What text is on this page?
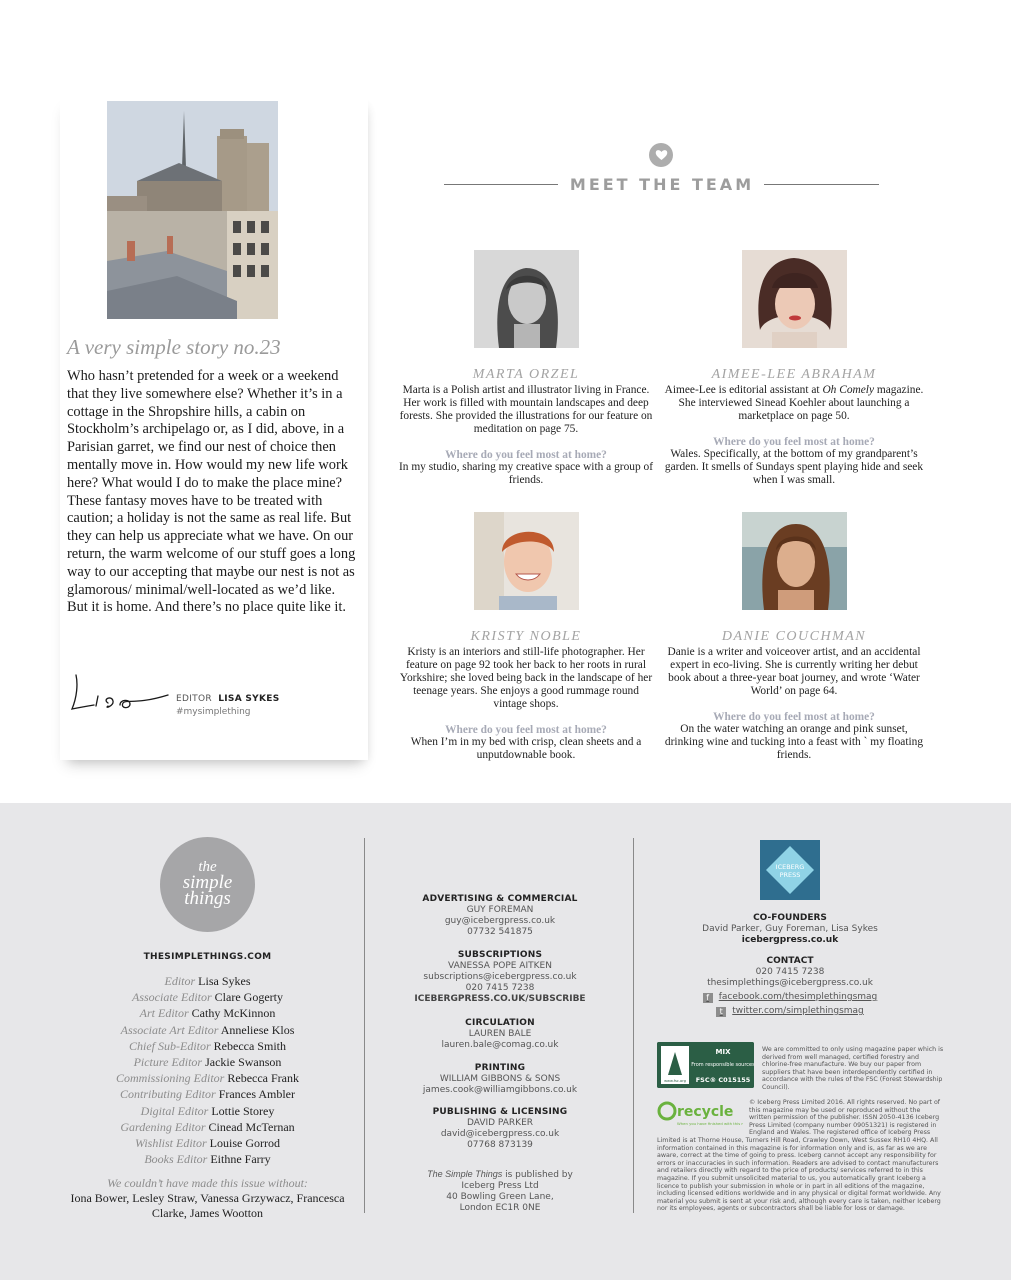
A very simple story no.23

Who hasn’t pretended for a week or a weekend that they live somewhere else? Whether it’s in a cottage in the Shropshire hills, a cabin on Stockholm’s archipelago or, as I did, above, in a Parisian garret, we find our nest of choice then mentally move in. How would my new life work here? What would I do to make the place mine? These fantasy moves have to be treated with caution; a holiday is not the same as real life. But they can help us appreciate what we have. On our return, the warm welcome of our stuff goes a long way to our accepting that maybe our nest is not as glamorous/ minimal/well-located as we’d like. But it is home. And there’s no place quite like it.

EDITOR LISA SYKES
#mysimplething
MEET THE TEAM
MARTA ORZEL
Marta is a Polish artist and illustrator living in France. Her work is filled with mountain landscapes and deep forests. She provided the illustrations for our feature on meditation on page 75.
Where do you feel most at home?
In my studio, sharing my creative space with a group of friends.
AIMEE-LEE ABRAHAM
Aimee-Lee is editorial assistant at Oh Comely magazine. She interviewed Sinead Koehler about launching a marketplace on page 50.
Where do you feel most at home?
Wales. Specifically, at the bottom of my grandparent’s garden. It smells of Sundays spent playing hide and seek when I was small.
KRISTY NOBLE
Kristy is an interiors and still-life photographer. Her feature on page 92 took her back to her roots in rural Yorkshire; she loved being back in the landscape of her teenage years. She enjoys a good rummage round vintage shops.
Where do you feel most at home?
When I’m in my bed with crisp, clean sheets and a unputdownable book.
DANIE COUCHMAN
Danie is a writer and voiceover artist, and an accidental expert in eco-living. She is currently writing her debut book about a three-year boat journey, and wrote ‘Water World’ on page 64.
Where do you feel most at home?
On the water watching an orange and pink sunset, drinking wine and tucking into a feast with ` my floating friends.
the
simple
things
THESIMPLETHINGS.COM
Editor Lisa Sykes
Associate Editor Clare Gogerty
Art Editor Cathy McKinnon
Associate Art Editor Anneliese Klos
Chief Sub-Editor Rebecca Smith
Picture Editor Jackie Swanson
Commissioning Editor Rebecca Frank
Contributing Editor Frances Ambler
Digital Editor Lottie Storey
Gardening Editor Cinead McTernan
Wishlist Editor Louise Gorrod
Books Editor Eithne Farry
We couldn’t have made this issue without:
Iona Bower, Lesley Straw, Vanessa Grzywacz, Francesca Clarke, James Wootton
ADVERTISING & COMMERCIAL
GUY FOREMAN
guy@icebergpress.co.uk
07732 541875
SUBSCRIPTIONS
VANESSA POPE AITKEN
subscriptions@icebergpress.co.uk
020 7415 7238
ICEBERGPRESS.CO.UK/SUBSCRIBE
CIRCULATION
LAUREN BALE
lauren.bale@comag.co.uk
PRINTING
WILLIAM GIBBONS & SONS
james.cook@williamgibbons.co.uk
PUBLISHING & LICENSING
DAVID PARKER
david@icebergpress.co.uk
07768 873139
The Simple Things is published by
Iceberg Press Ltd
40 Bowling Green Lane,
London EC1R 0NE
ICEBERG
PRESS
CO-FOUNDERS
David Parker, Guy Foreman, Lisa Sykes
icebergpress.co.uk
CONTACT
020 7415 7238
thesimplethings@icebergpress.co.uk
f	facebook.com/thesimplethingsmag
t	twitter.com/simplethingsmag
www.fsc.org
MIX
From responsible sources
FSC® C015155
We are committed to only using magazine paper which is derived from well managed, certified forestry and chlorine-free manufacture. We buy our paper from suppliers that have been interdependently certified in accordance with the rules of the FSC (Forest Stewardship Council).
recycle
When you have finished with this
© Iceberg Press Limited 2016. All rights reserved. No part of this magazine may be used or reproduced without the written permission of the publisher. ISSN 2050-4136 Iceberg Press Limited (company number 09051321) is registered in England and Wales. The registered office of Iceberg Press Limited is at Thorne House, Turners Hill Road, Crawley Down, West Sussex RH10 4HQ. All information contained in this magazine is for information only and is, as far as we are aware, correct at the time of going to press. Iceberg cannot accept any responsibility for errors or inaccuracies in such information. Readers are advised to contact manufacturers and retailers directly with regard to the price of products/ services referred to in this magazine. If you submit unsolicited material to us, you automatically grant Iceberg a licence to publish your submission in whole or in part in all editions of the magazine, including licensed editions worldwide and in any physical or digital format worldwide. Any material you submit is sent at your risk and, although every care is taken, neither Iceberg nor its employees, agents or subcontractors shall be liable for loss or damage.
